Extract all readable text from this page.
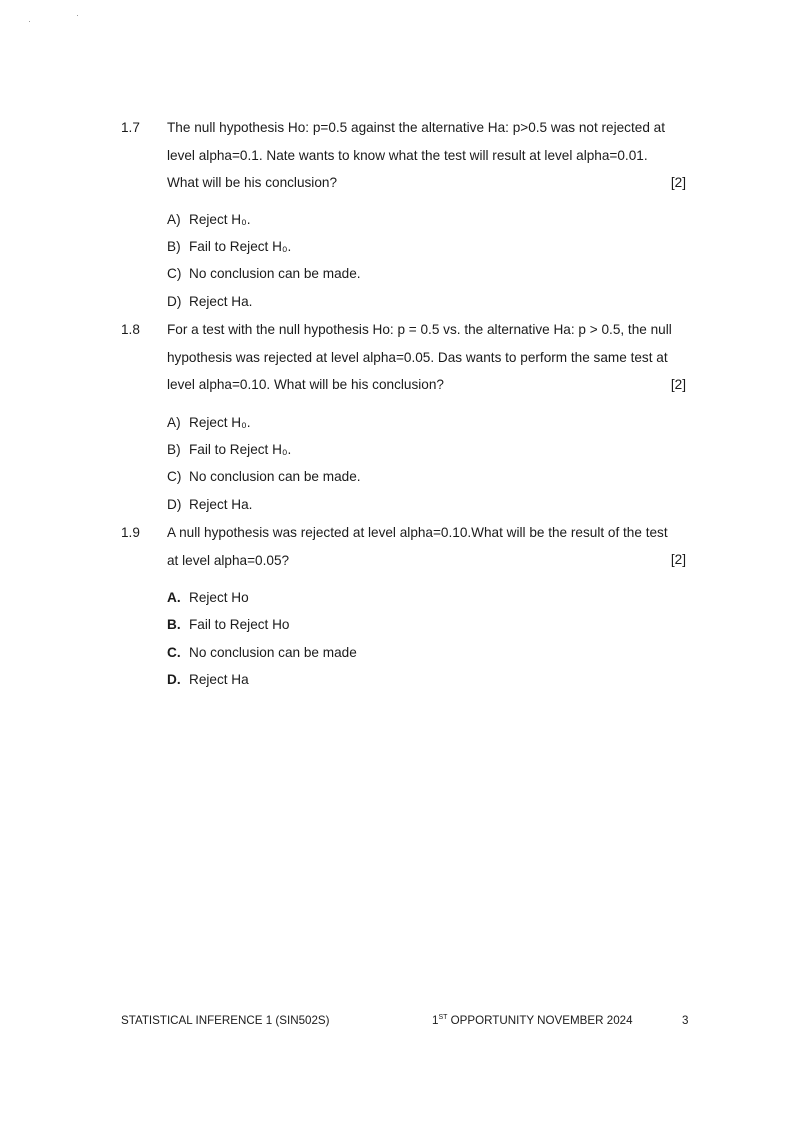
1.7 The null hypothesis Ho: p=0.5 against the alternative Ha: p>0.5 was not rejected at
level alpha=0.1. Nate wants to know what the test will result at level alpha=0.01.
What will be his conclusion?	[2]
A) Reject H₀.
B) Fail to Reject H₀.
C) No conclusion can be made.
D) Reject Ha.
1.8 For a test with the null hypothesis Ho: p = 0.5 vs. the alternative Ha: p > 0.5, the null
hypothesis was rejected at level alpha=0.05. Das wants to perform the same test at
level alpha=0.10. What will be his conclusion?	[2]
A) Reject H₀.
B) Fail to Reject H₀.
C) No conclusion can be made.
D) Reject Ha.
1.9 A null hypothesis was rejected at level alpha=0.10.What will be the result of the test
at level alpha=0.05?	[2]
A. Reject Ho
B. Fail to Reject Ho
C. No conclusion can be made
D. Reject Ha
STATISTICAL INFERENCE 1 (SIN502S)	1ST OPPORTUNITY NOVEMBER 2024	3
